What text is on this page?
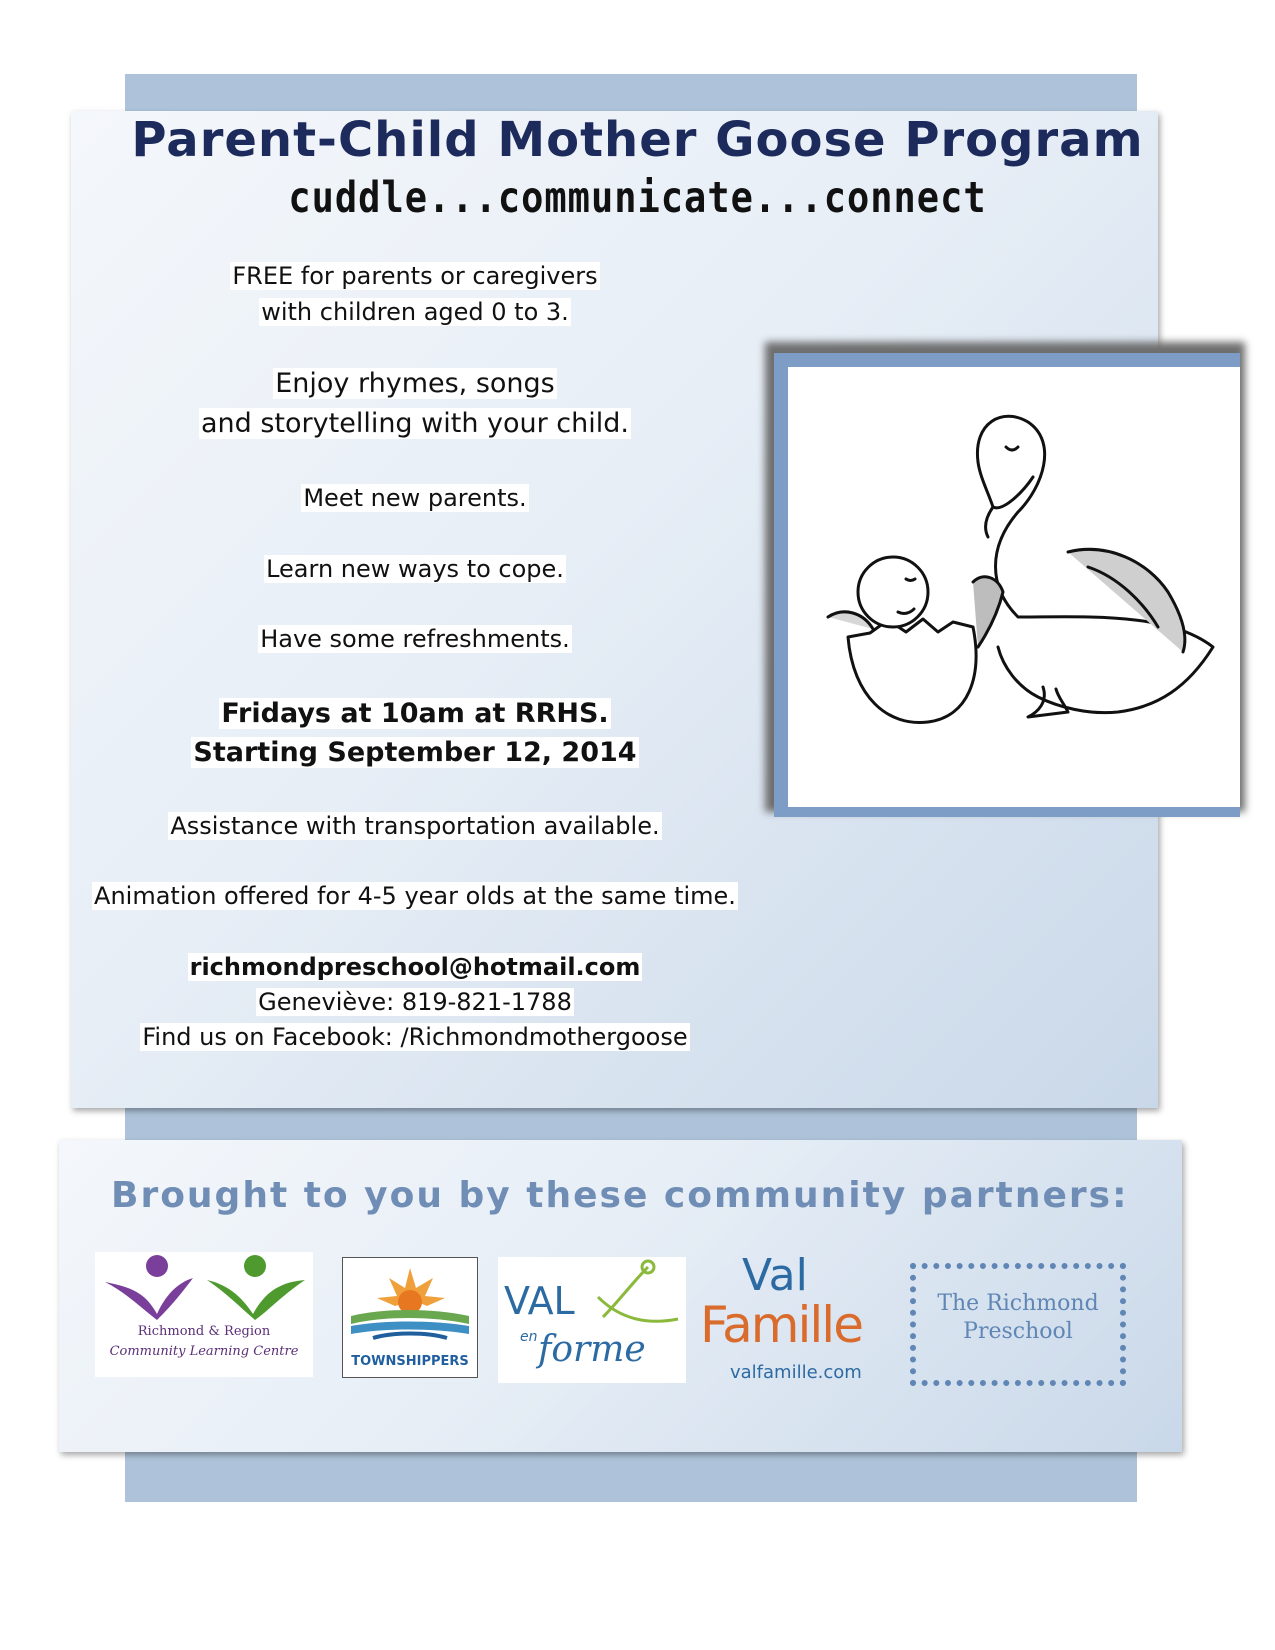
Parent-Child Mother Goose Program
cuddle...communicate...connect
FREE for parents or caregivers
with children aged 0 to 3.
Enjoy rhymes, songs
and storytelling with your child.
Meet new parents.
Learn new ways to cope.
Have some refreshments.
Fridays at 10am at RRHS.
Starting September 12, 2014
Assistance with transportation available.
Animation offered for 4-5 year olds at the same time.
richmondpreschool@hotmail.com
Geneviève: 819-821-1788
Find us on Facebook: /Richmondmothergoose
Brought to you by these community partners:
Richmond & Region
Community Learning Centre
TOWNSHIPPERS
VAL
en forme
Val
Famille
valfamille.com
The Richmond
Preschool
